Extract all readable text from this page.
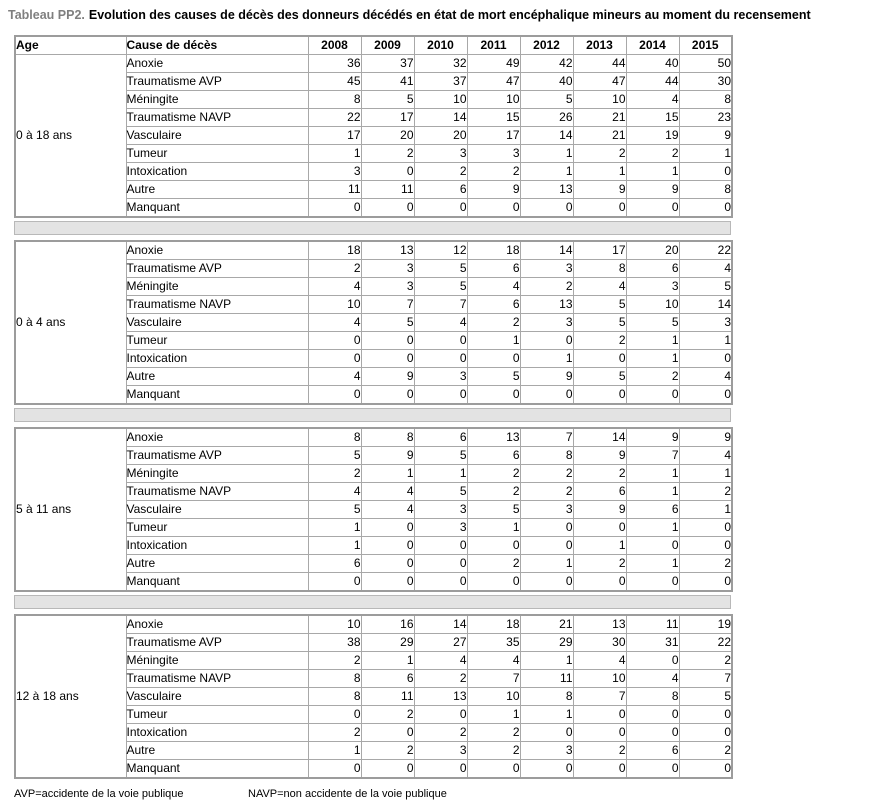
Tableau PP2. Evolution des causes de décès des donneurs décédés en état de mort encéphalique mineurs au moment du recensement
Age	Cause de décès	2008	2009	2010	2011	2012	2013	2014	2015
0 à 18 ans	Anoxie	36	37	32	49	42	44	40	50
	Traumatisme AVP	45	41	37	47	40	47	44	30
	Méningite	8	5	10	10	5	10	4	8
	Traumatisme NAVP	22	17	14	15	26	21	15	23
	Vasculaire	17	20	20	17	14	21	19	9
	Tumeur	1	2	3	3	1	2	2	1
	Intoxication	3	0	2	2	1	1	1	0
	Autre	11	11	6	9	13	9	9	8
	Manquant	0	0	0	0	0	0	0	0
0 à 4 ans	Anoxie	18	13	12	18	14	17	20	22
	Traumatisme AVP	2	3	5	6	3	8	6	4
	Méningite	4	3	5	4	2	4	3	5
	Traumatisme NAVP	10	7	7	6	13	5	10	14
	Vasculaire	4	5	4	2	3	5	5	3
	Tumeur	0	0	0	1	0	2	1	1
	Intoxication	0	0	0	0	1	0	1	0
	Autre	4	9	3	5	9	5	2	4
	Manquant	0	0	0	0	0	0	0	0
5 à 11 ans	Anoxie	8	8	6	13	7	14	9	9
	Traumatisme AVP	5	9	5	6	8	9	7	4
	Méningite	2	1	1	2	2	2	1	1
	Traumatisme NAVP	4	4	5	2	2	6	1	2
	Vasculaire	5	4	3	5	3	9	6	1
	Tumeur	1	0	3	1	0	0	1	0
	Intoxication	1	0	0	0	0	1	0	0
	Autre	6	0	0	2	1	2	1	2
	Manquant	0	0	0	0	0	0	0	0
12 à 18 ans	Anoxie	10	16	14	18	21	13	11	19
	Traumatisme AVP	38	29	27	35	29	30	31	22
	Méningite	2	1	4	4	1	4	0	2
	Traumatisme NAVP	8	6	2	7	11	10	4	7
	Vasculaire	8	11	13	10	8	7	8	5
	Tumeur	0	2	0	1	1	0	0	0
	Intoxication	2	0	2	2	0	0	0	0
	Autre	1	2	3	2	3	2	6	2
	Manquant	0	0	0	0	0	0	0	0
AVP=accidente de la voie publique	NAVP=non accidente de la voie publique
